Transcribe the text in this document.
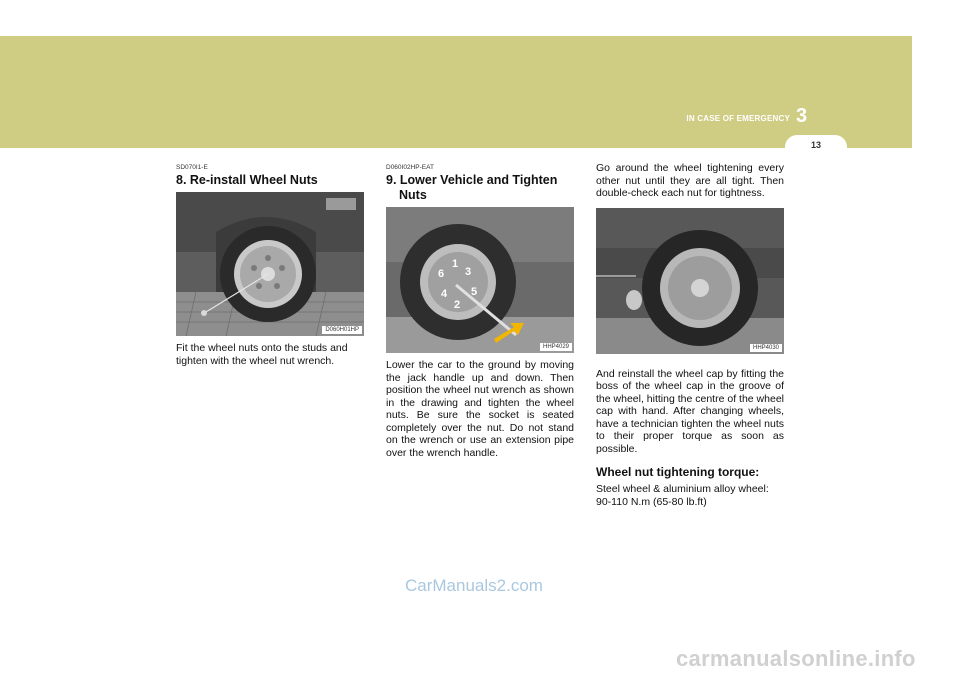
IN CASE OF EMERGENCY 3
13

SD070I1-E

8. Re-install Wheel Nuts

D060H01HP

Fit the wheel nuts onto the studs and tighten with the wheel nut wrench.

D060I02HP-EAT

9. Lower Vehicle and Tighten
Nuts

1
2
3
4 5
6
HHP4029

Lower the car to the ground by moving the jack handle up and down. Then position the wheel nut wrench as shown in the drawing and tighten the wheel nuts. Be sure the socket is seated completely over the nut. Do not stand on the wrench or use an extension pipe over the wrench handle.

Go around the wheel tightening every other nut until they are all tight. Then double-check each nut for tightness.

HHP4030

And reinstall the wheel cap by fitting the boss of the wheel cap in the groove of the wheel, hitting the centre of the wheel cap with hand. After changing wheels, have a technician tighten the wheel nuts to their proper torque as soon as possible.

Wheel nut tightening torque:

Steel wheel & aluminium alloy wheel:
90-110 N.m (65-80 lb.ft)

CarManuals2.com
carmanualsonline.info
